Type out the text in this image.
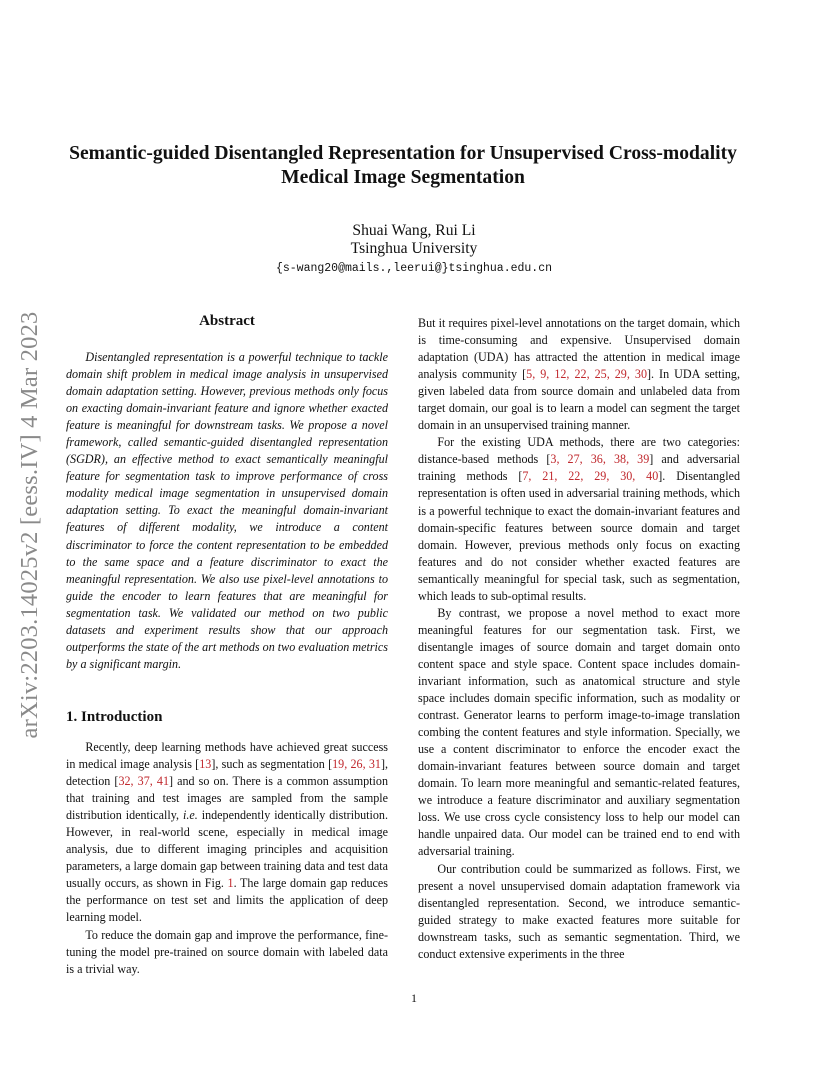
arXiv:2203.14025v2 [eess.IV] 4 Mar 2023
Semantic-guided Disentangled Representation for Unsupervised Cross-modality
Medical Image Segmentation
Shuai Wang, Rui Li
Tsinghua University
{s-wang20@mails.,leerui@}tsinghua.edu.cn
Abstract

Disentangled representation is a powerful technique to tackle domain shift problem in medical image analysis in unsupervised domain adaptation setting. However, previous methods only focus on exacting domain-invariant feature and ignore whether exacted feature is meaningful for downstream tasks. We propose a novel framework, called semantic-guided disentangled representation (SGDR), an effective method to exact semantically meaningful feature for segmentation task to improve performance of cross modality medical image segmentation in unsupervised domain adaptation setting. To exact the meaningful domain-invariant features of different modality, we introduce a content discriminator to force the content representation to be embedded to the same space and a feature discriminator to exact the meaningful representation. We also use pixel-level annotations to guide the encoder to learn features that are meaningful for segmentation task. We validated our method on two public datasets and experiment results show that our approach outperforms the state of the art methods on two evaluation metrics by a significant margin.

1. Introduction

Recently, deep learning methods have achieved great success in medical image analysis [13], such as segmentation [19, 26, 31], detection [32, 37, 41] and so on. There is a common assumption that training and test images are sampled from the sample distribution identically, i.e. independently identically distribution. However, in real-world scene, especially in medical image analysis, due to different imaging principles and acquisition parameters, a large domain gap between training data and test data usually occurs, as shown in Fig. 1. The large domain gap reduces the performance on test set and limits the application of deep learning model.

To reduce the domain gap and improve the performance, fine-tuning the model pre-trained on source domain with labeled data is a trivial way.

But it requires pixel-level annotations on the target domain, which is time-consuming and expensive. Unsupervised domain adaptation (UDA) has attracted the attention in medical image analysis community [5, 9, 12, 22, 25, 29, 30]. In UDA setting, given labeled data from source domain and unlabeled data from target domain, our goal is to learn a model can segment the target domain in an unsupervised training manner.

For the existing UDA methods, there are two categories: distance-based methods [3, 27, 36, 38, 39] and adversarial training methods [7, 21, 22, 29, 30, 40]. Disentangled representation is often used in adversarial training methods, which is a powerful technique to exact the domain-invariant features and domain-specific features between source domain and target domain. However, previous methods only focus on exacting features and do not consider whether exacted features are semantically meaningful for special task, such as segmentation, which leads to sub-optimal results.

By contrast, we propose a novel method to exact more meaningful features for our segmentation task. First, we disentangle images of source domain and target domain onto content space and style space. Content space includes domain-invariant information, such as anatomical structure and style space includes domain specific information, such as modality or contrast. Generator learns to perform image-to-image translation combing the content features and style information. Specially, we use a content discriminator to enforce the encoder exact the domain-invariant features between source domain and target domain. To learn more meaningful and semantic-related features, we introduce a feature discriminator and auxiliary segmentation loss. We use cross cycle consistency loss to help our model can handle unpaired data. Our model can be trained end to end with adversarial training.

Our contribution could be summarized as follows. First, we present a novel unsupervised domain adaptation framework via disentangled representation. Second, we introduce semantic-guided strategy to make exacted features more suitable for downstream tasks, such as semantic segmentation. Third, we conduct extensive experiments in the three

1
